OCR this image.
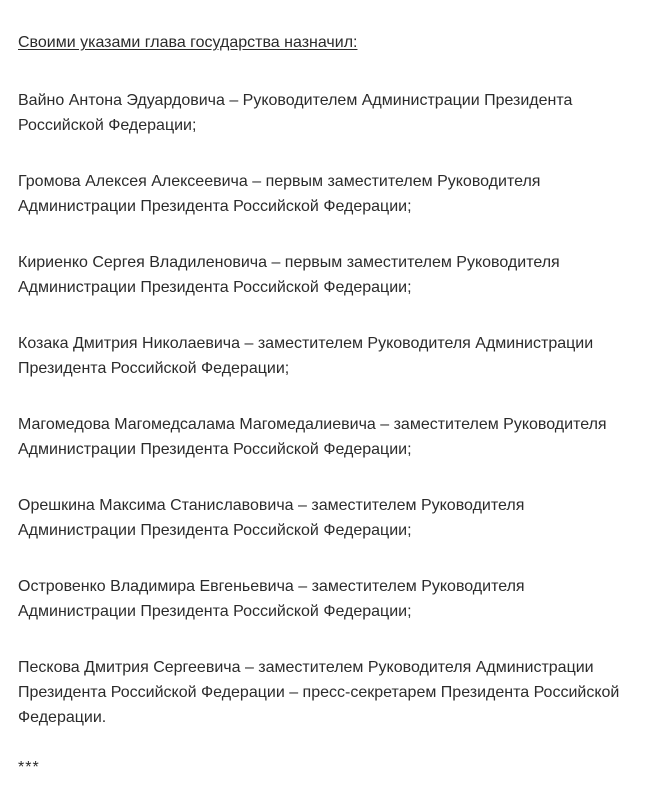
Своими указами глава государства назначил:
Вайно Антона Эдуардовича – Руководителем Администрации Президента Российской Федерации;
Громова Алексея Алексеевича – первым заместителем Руководителя Администрации Президента Российской Федерации;
Кириенко Сергея Владиленовича – первым заместителем Руководителя Администрации Президента Российской Федерации;
Козака Дмитрия Николаевича – заместителем Руководителя Администрации Президента Российской Федерации;
Магомедова Магомедсалама Магомедалиевича – заместителем Руководителя Администрации Президента Российской Федерации;
Орешкина Максима Станиславовича – заместителем Руководителя Администрации Президента Российской Федерации;
Островенко Владимира Евгеньевича – заместителем Руководителя Администрации Президента Российской Федерации;
Пескова Дмитрия Сергеевича – заместителем Руководителя Администрации Президента Российской Федерации – пресс-секретарем Президента Российской Федерации.
***
